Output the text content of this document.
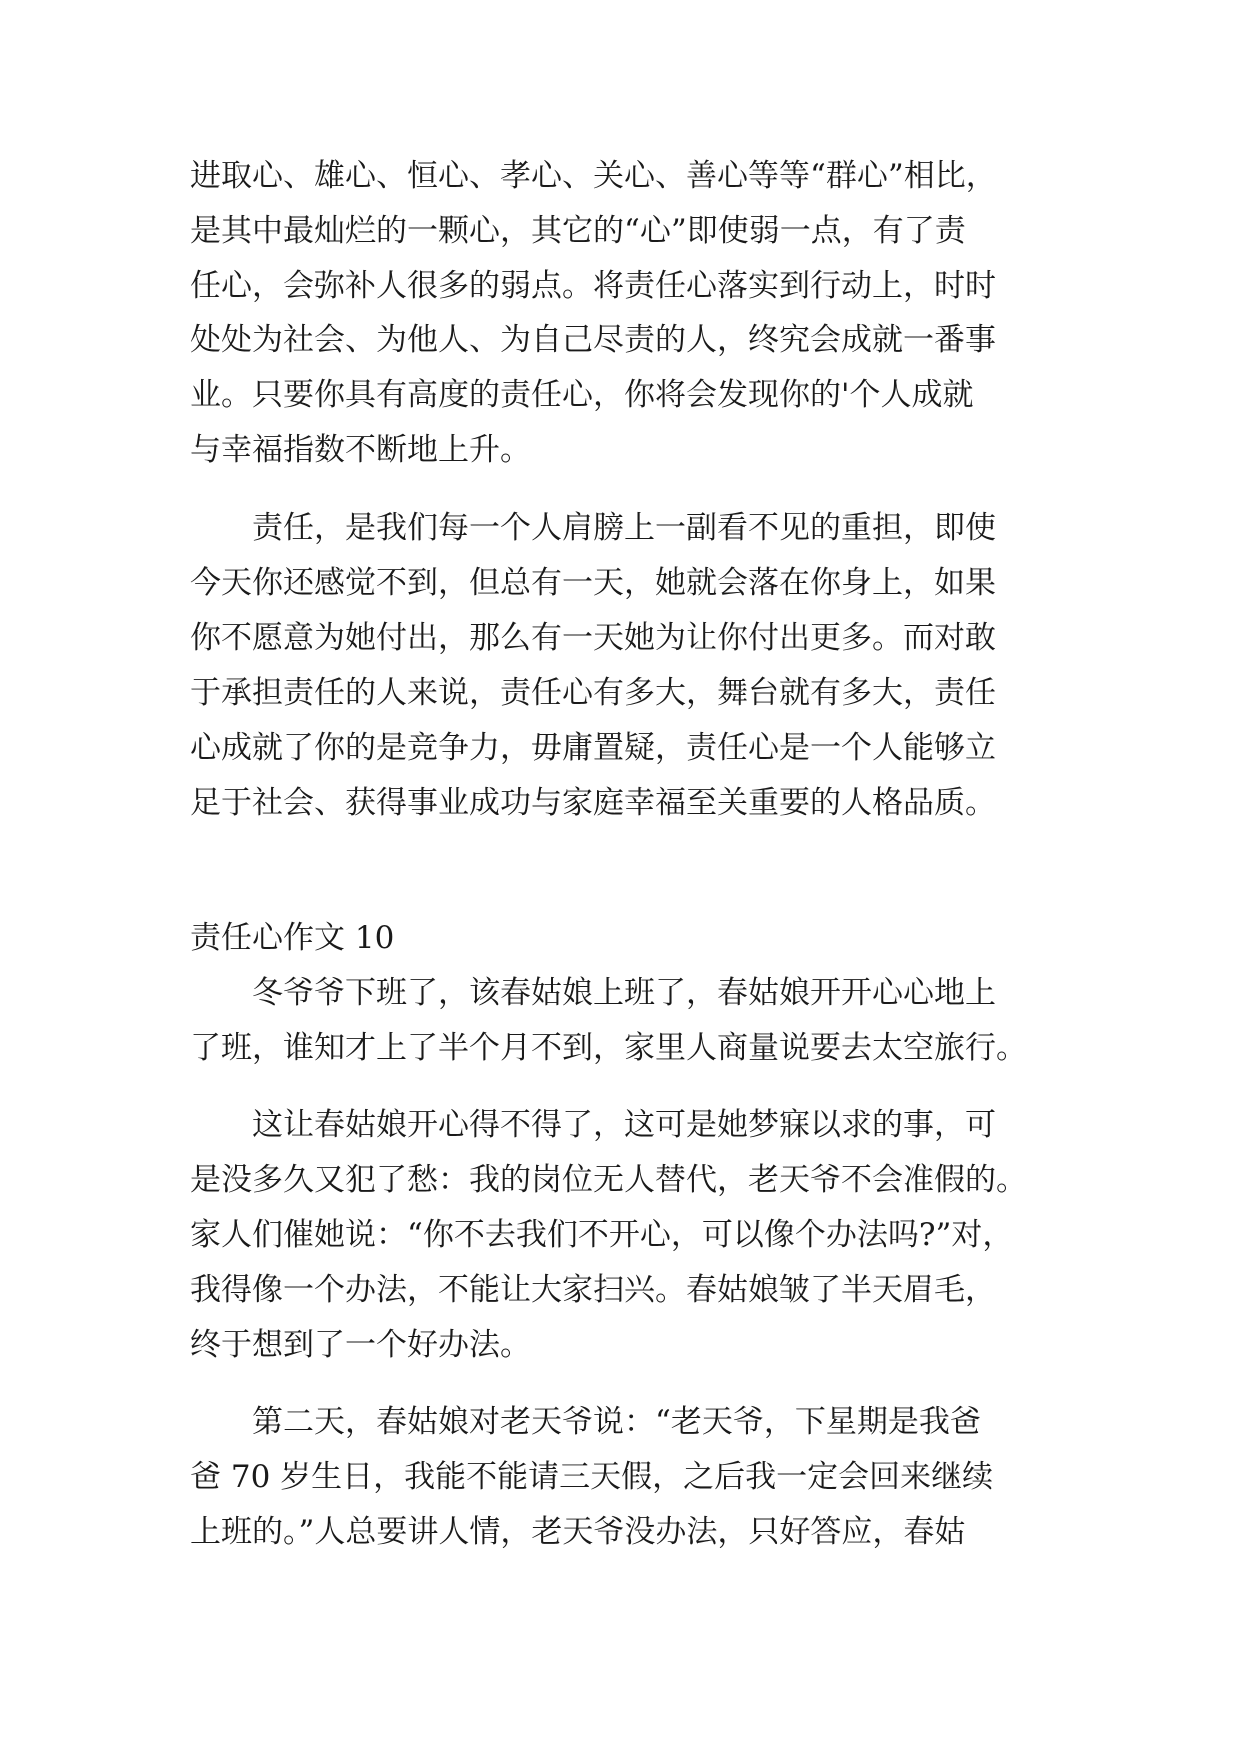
进取心、雄心、恒心、孝心、关心、善心等等“群心”相比，

是其中最灿烂的一颗心，其它的“心”即使弱一点，有了责

任心，会弥补人很多的弱点。将责任心落实到行动上，时时

处处为社会、为他人、为自己尽责的人，终究会成就一番事

业。只要你具有高度的责任心，你将会发现你的'个人成就

与幸福指数不断地上升。

　　责任，是我们每一个人肩膀上一副看不见的重担，即使

今天你还感觉不到，但总有一天，她就会落在你身上，如果

你不愿意为她付出，那么有一天她为让你付出更多。而对敢

于承担责任的人来说，责任心有多大，舞台就有多大，责任

心成就了你的是竞争力，毋庸置疑，责任心是一个人能够立

足于社会、获得事业成功与家庭幸福至关重要的人格品质。

责任心作文 10

　　冬爷爷下班了，该春姑娘上班了，春姑娘开开心心地上

了班，谁知才上了半个月不到，家里人商量说要去太空旅行。

　　这让春姑娘开心得不得了，这可是她梦寐以求的事，可

是没多久又犯了愁：我的岗位无人替代，老天爷不会准假的。

家人们催她说：“你不去我们不开心，可以像个办法吗?”对，

我得像一个办法，不能让大家扫兴。春姑娘皱了半天眉毛，

终于想到了一个好办法。

　　第二天，春姑娘对老天爷说：“老天爷，下星期是我爸

爸 70 岁生日，我能不能请三天假，之后我一定会回来继续

上班的。”人总要讲人情，老天爷没办法，只好答应，春姑
